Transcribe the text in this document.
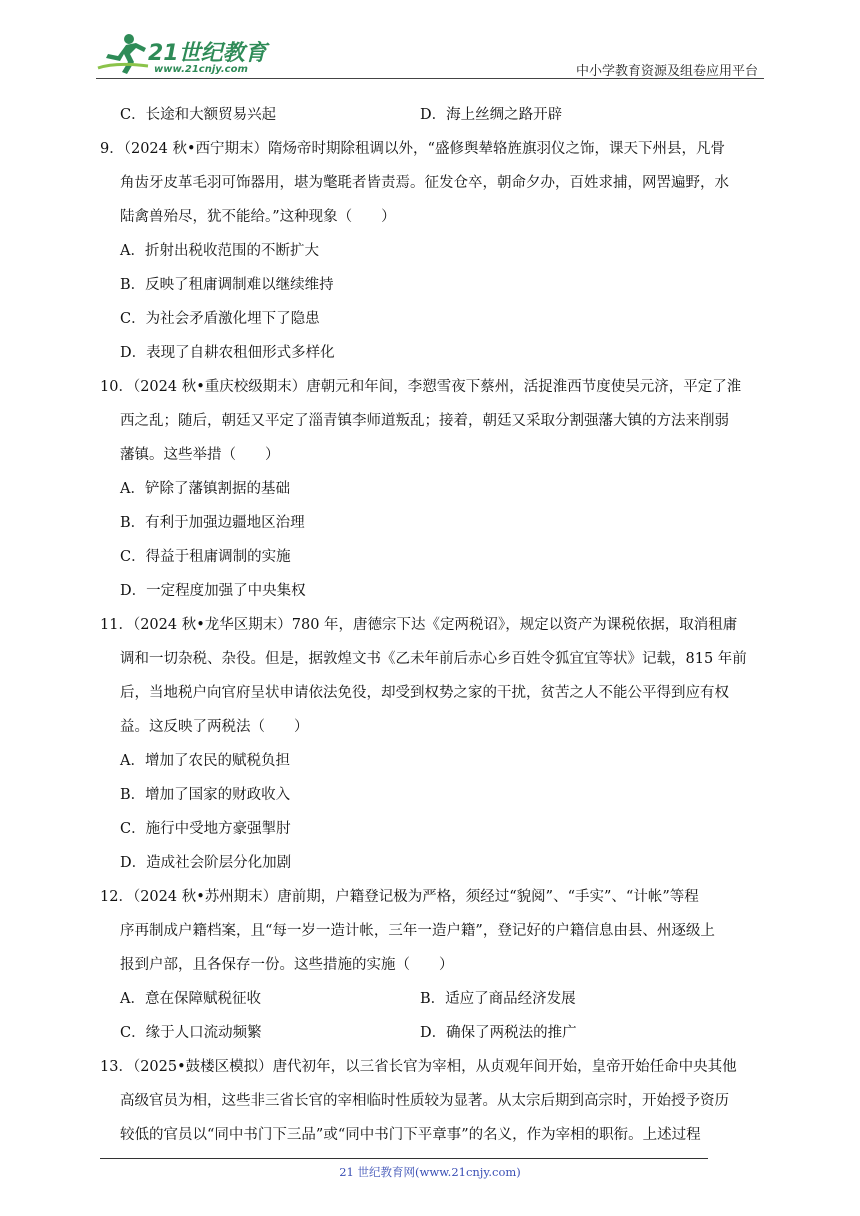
21世纪教育
www.21cnjy.com	中小学教育资源及组卷应用平台
C．长途和大额贸易兴起	D．海上丝绸之路开辟
9．（2024 秋•西宁期末）隋炀帝时期除租调以外，“盛修舆辇辂旌旗羽仪之饰，课天下州县，凡骨
角齿牙皮革毛羽可饰器用，堪为氅毦者皆责焉。征发仓卒，朝命夕办，百姓求捕，网罟遍野，水
陆禽兽殆尽，犹不能给。”这种现象（　　）
A．折射出税收范围的不断扩大
B．反映了租庸调制难以继续维持
C．为社会矛盾激化埋下了隐患
D．表现了自耕农租佃形式多样化
10．（2024 秋•重庆校级期末）唐朝元和年间，李愬雪夜下蔡州，活捉淮西节度使吴元济，平定了淮
西之乱；随后，朝廷又平定了淄青镇李师道叛乱；接着，朝廷又采取分割强藩大镇的方法来削弱
藩镇。这些举措（　　）
A．铲除了藩镇割据的基础
B．有利于加强边疆地区治理
C．得益于租庸调制的实施
D．一定程度加强了中央集权
11．（2024 秋•龙华区期末）780 年，唐德宗下达《定两税诏》，规定以资产为课税依据，取消租庸
调和一切杂税、杂役。但是，据敦煌文书《乙未年前后赤心乡百姓令狐宜宜等状》记载，815 年前
后，当地税户向官府呈状申请依法免役，却受到权势之家的干扰，贫苦之人不能公平得到应有权
益。这反映了两税法（　　）
A．增加了农民的赋税负担
B．增加了国家的财政收入
C．施行中受地方豪强掣肘
D．造成社会阶层分化加剧
12．（2024 秋•苏州期末）唐前期，户籍登记极为严格，须经过“貌阅”、“手实”、“计帐”等程
序再制成户籍档案，且“每一岁一造计帐，三年一造户籍”，登记好的户籍信息由县、州逐级上
报到户部，且各保存一份。这些措施的实施（　　）
A．意在保障赋税征收	B．适应了商品经济发展
C．缘于人口流动频繁	D．确保了两税法的推广
13．（2025•鼓楼区模拟）唐代初年，以三省长官为宰相，从贞观年间开始，皇帝开始任命中央其他
高级官员为相，这些非三省长官的宰相临时性质较为显著。从太宗后期到高宗时，开始授予资历
较低的官员以“同中书门下三品”或“同中书门下平章事”的名义，作为宰相的职衔。上述过程
21 世纪教育网(www.21cnjy.com)
